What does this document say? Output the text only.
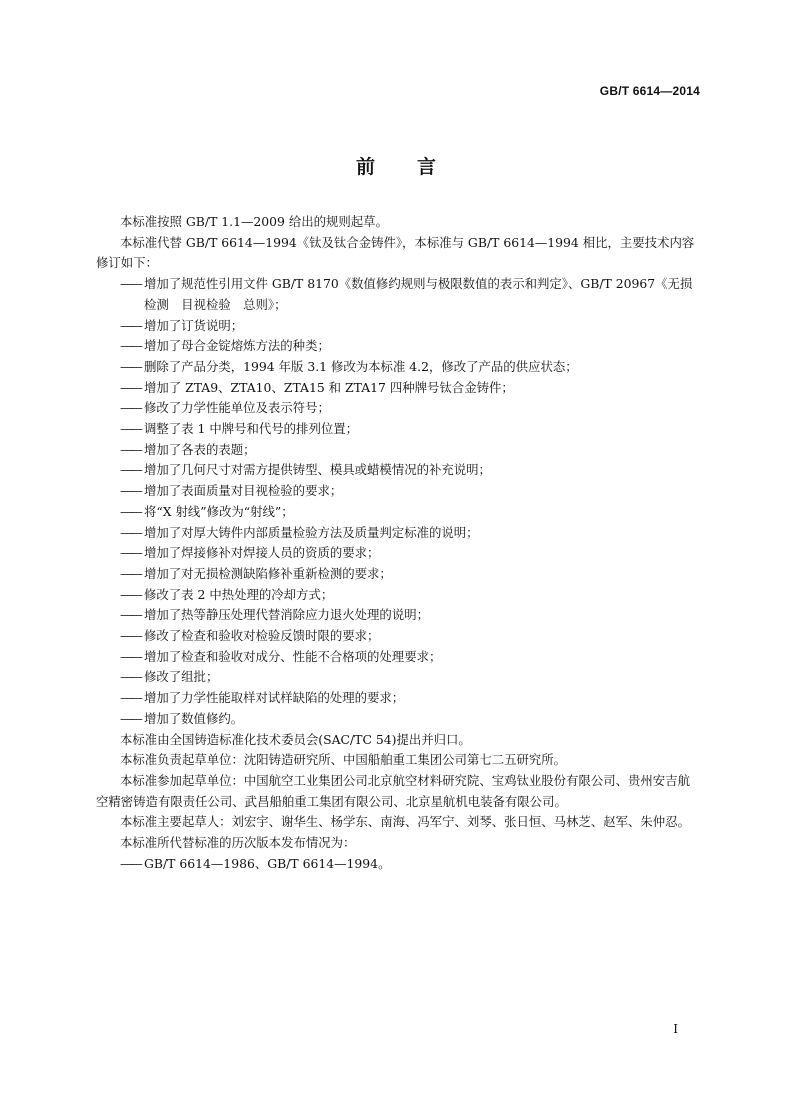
GB/T 6614—2014
前言

本标准按照 GB/T 1.1—2009 给出的规则起草。

本标准代替 GB/T 6614—1994《钛及钛合金铸件》，本标准与 GB/T 6614—1994 相比，主要技术内容修订如下：

—— 增加了规范性引用文件 GB/T 8170《数值修约规则与极限数值的表示和判定》、GB/T 20967《无损检测　目视检验　总则》；
—— 增加了订货说明；
—— 增加了母合金锭熔炼方法的种类；
—— 删除了产品分类，1994 年版 3.1 修改为本标准 4.2，修改了产品的供应状态；
—— 增加了 ZTA9、ZTA10、ZTA15 和 ZTA17 四种牌号钛合金铸件；
—— 修改了力学性能单位及表示符号；
—— 调整了表 1 中牌号和代号的排列位置；
—— 增加了各表的表题；
—— 增加了几何尺寸对需方提供铸型、模具或蜡模情况的补充说明；
—— 增加了表面质量对目视检验的要求；
—— 将“X 射线”修改为“射线”；
—— 增加了对厚大铸件内部质量检验方法及质量判定标准的说明；
—— 增加了焊接修补对焊接人员的资质的要求；
—— 增加了对无损检测缺陷修补重新检测的要求；
—— 修改了表 2 中热处理的冷却方式；
—— 增加了热等静压处理代替消除应力退火处理的说明；
—— 修改了检查和验收对检验反馈时限的要求；
—— 增加了检查和验收对成分、性能不合格项的处理要求；
—— 修改了组批；
—— 增加了力学性能取样对试样缺陷的处理的要求；
—— 增加了数值修约。

本标准由全国铸造标准化技术委员会(SAC/TC 54)提出并归口。

本标准负责起草单位：沈阳铸造研究所、中国船舶重工集团公司第七二五研究所。

本标准参加起草单位：中国航空工业集团公司北京航空材料研究院、宝鸡钛业股份有限公司、贵州安吉航空精密铸造有限责任公司、武昌船舶重工集团有限公司、北京星航机电装备有限公司。

本标准主要起草人：刘宏宇、谢华生、杨学东、南海、冯军宁、刘琴、张日恒、马林芝、赵军、朱仲忍。

本标准所代替标准的历次版本发布情况为：

—— GB/T 6614—1986、GB/T 6614—1994。
I
